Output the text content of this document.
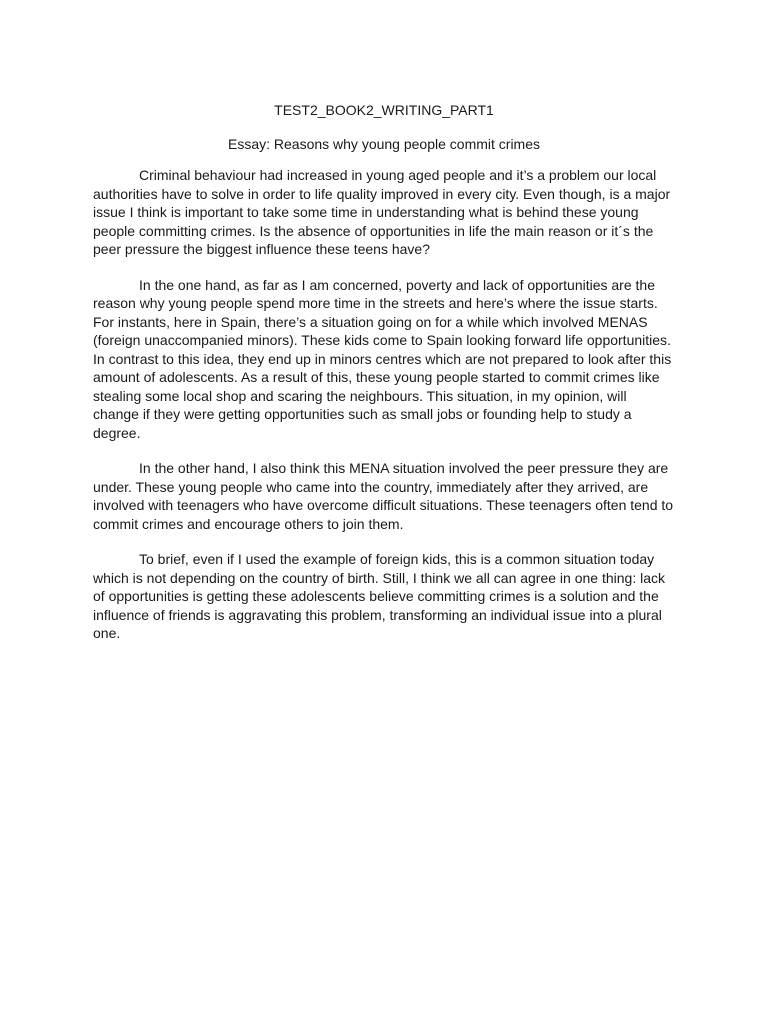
TEST2_BOOK2_WRITING_PART1

Essay: Reasons why young people commit crimes

Criminal behaviour had increased in young aged people and it’s a problem our local authorities have to solve in order to life quality improved in every city. Even though, is a major issue I think is important to take some time in understanding what is behind these young people committing crimes. Is the absence of opportunities in life the main reason or it´s the peer pressure the biggest influence these teens have?

In the one hand, as far as I am concerned, poverty and lack of opportunities are the reason why young people spend more time in the streets and here’s where the issue starts. For instants, here in Spain, there’s a situation going on for a while which involved MENAS (foreign unaccompanied minors). These kids come to Spain looking forward life opportunities. In contrast to this idea, they end up in minors centres which are not prepared to look after this amount of adolescents. As a result of this, these young people started to commit crimes like stealing some local shop and scaring the neighbours. This situation, in my opinion, will change if they were getting opportunities such as small jobs or founding help to study a degree.

In the other hand, I also think this MENA situation involved the peer pressure they are under. These young people who came into the country, immediately after they arrived, are involved with teenagers who have overcome difficult situations. These teenagers often tend to commit crimes and encourage others to join them.

To brief, even if I used the example of foreign kids, this is a common situation today which is not depending on the country of birth. Still, I think we all can agree in one thing: lack of opportunities is getting these adolescents believe committing crimes is a solution and the influence of friends is aggravating this problem, transforming an individual issue into a plural one.
